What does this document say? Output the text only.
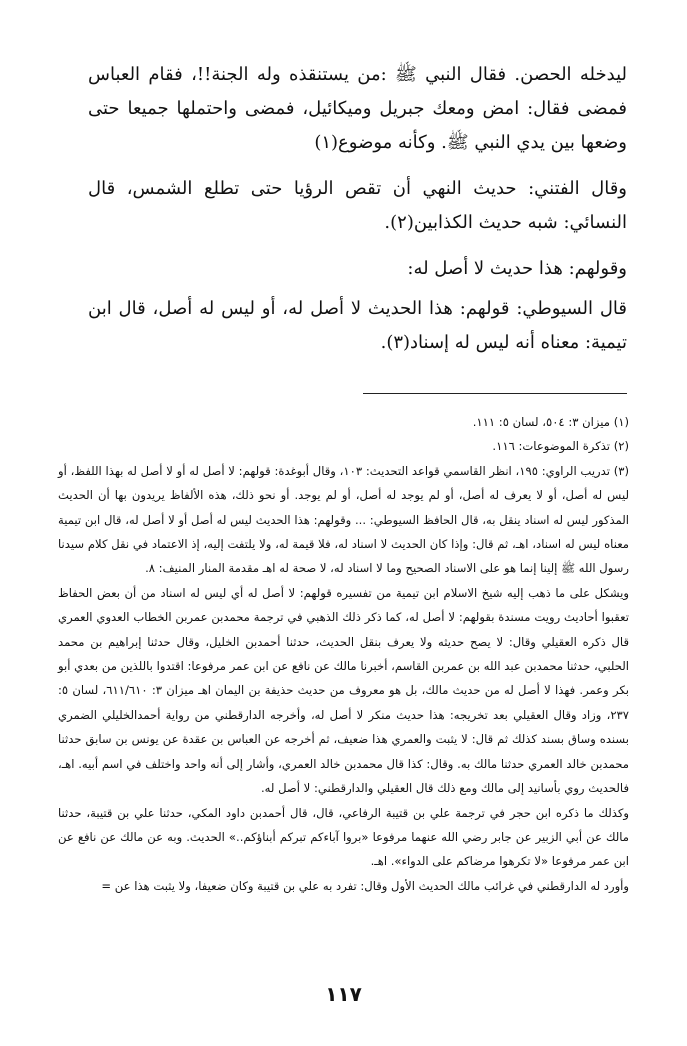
ليدخله الحصن. فقال النبي ﷺ :من يستنقذه وله الجنة!!، فقام العباس فمضى فقال: امض ومعك جبريل وميكائيل، فمضى واحتملها جميعا حتى وضعها بين يدي النبي ﷺ. وكأنه موضوع(١)

وقال الفتني: حديث النهي أن تقص الرؤيا حتى تطلع الشمس، قال النسائي: شبه حديث الكذابين(٢).

وقولهم: هذا حديث لا أصل له:

قال السيوطي: قولهم: هذا الحديث لا أصل له، أو ليس له أصل، قال ابن تيمية: معناه أنه ليس له إسناد(٣).

(١) ميزان ٣: ٥٠٤، لسان ٥: ١١١.

(٢) تذكرة الموضوعات: ١١٦.

(٣) تدريب الراوي: ١٩٥، انظر القاسمي قواعد التحديث: ١٠٣، وقال أبوغدة: قولهم: لا أصل له أو لا أصل له بهذا اللفظ، أو ليس له أصل، أو لا يعرف له أصل، أو لم يوجد له أصل، أو لم يوجد. أو نحو ذلك، هذه الألفاظ يريدون بها أن الحديث المذكور ليس له اسناد ينقل به، قال الحافظ السيوطي: ... وقولهم: هذا الحديث ليس له أصل أو لا أصل له، قال ابن تيمية معناه ليس له اسناد، اهـ، ثم قال: وإذا كان الحديث لا اسناد له، فلا قيمة له، ولا يلتفت إليه، إذ الاعتماد في نقل كلام سيدنا رسول الله ﷺ إلينا إنما هو على الاسناد الصحيح وما لا اسناد له، لا صحة له اهـ مقدمة المنار المنيف: ٨.

ويشكل على ما ذهب إليه شيخ الاسلام ابن تيمية من تفسيره قولهم: لا أصل له أي ليس له اسناد من أن بعض الحفاظ تعقبوا أحاديث رويت مسندة بقولهم: لا أصل له، كما ذكر ذلك الذهبي في ترجمة محمدبن عمربن الخطاب العدوي العمري قال ذكره العقيلي وقال: لا يصح حديثه ولا يعرف بنقل الحديث، حدثنا أحمدبن الخليل، وقال حدثنا إبراهيم بن محمد الحلبي، حدثنا محمدبن عبد الله بن عمربن القاسم، أخبرنا مالك عن نافع عن ابن عمر مرفوعا: اقتدوا باللذين من بعدي أبو بكر وعمر. فهذا لا أصل له من حديث مالك، بل هو معروف من حديث حذيفة بن اليمان اهـ ميزان ٣: ٦١١/٦١٠، لسان ٥: ٢٣٧، وزاد وقال العقيلي بعد تخريجه: هذا حديث منكر لا أصل له، وأخرجه الدارقطني من رواية أحمدالخليلي الضمري بسنده وساق بسند كذلك ثم قال: لا يثبت والعمري هذا ضعيف، ثم أخرجه عن العباس بن عقدة عن يونس بن سابق حدثنا محمدبن خالد العمري حدثنا مالك به. وقال: كذا قال محمدبن خالد العمري، وأشار إلى أنه واحد واختلف في اسم أبيه. اهـ، فالحديث روي بأسانيد إلى مالك ومع ذلك قال العقيلي والدارقطني: لا أصل له.

وكذلك ما ذكره ابن حجر في ترجمة علي بن قتيبة الرفاعي، قال، قال أحمدبن داود المكي، حدثنا علي بن قتيبة، حدثنا مالك عن أبي الزبير عن جابر رضي الله عنهما مرفوعا «بروا آباءكم تبركم أبناؤكم..» الحديث. وبه عن مالك عن نافع عن ابن عمر مرفوعا «لا تكرهوا مرضاكم على الدواء». اهـ.

وأورد له الدارقطني في غرائب مالك الحديث الأول وقال: تفرد به علي بن قتيبة وكان ضعيفا، ولا يثبت هذا عن =

١١٧
